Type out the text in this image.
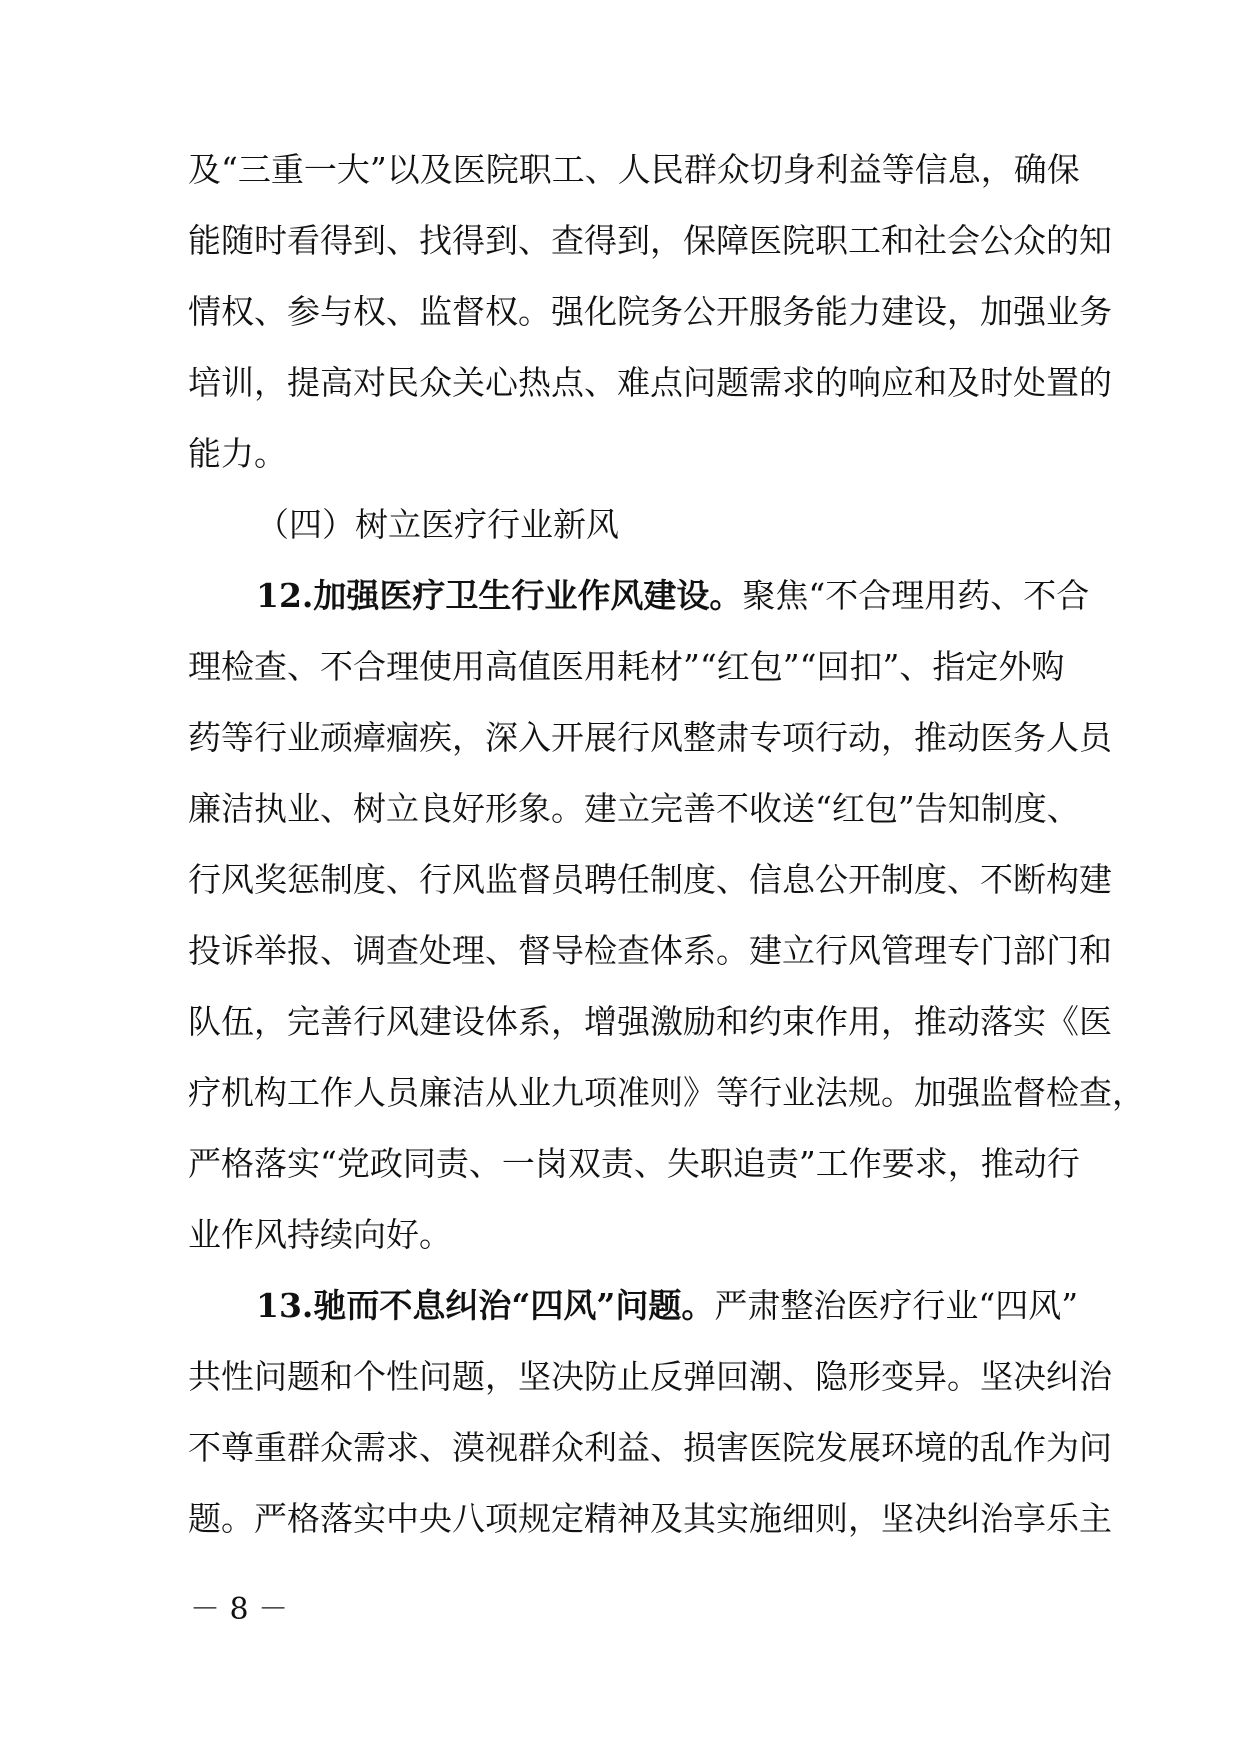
及“三重一大”以及医院职工、人民群众切身利益等信息，确保
能随时看得到、找得到、查得到，保障医院职工和社会公众的知
情权、参与权、监督权。强化院务公开服务能力建设，加强业务
培训，提高对民众关心热点、难点问题需求的响应和及时处置的
能力。
（四）树立医疗行业新风
12.加强医疗卫生行业作风建设。聚焦“不合理用药、不合
理检查、不合理使用高值医用耗材”“红包”“回扣”、指定外购
药等行业顽瘴痼疾，深入开展行风整肃专项行动，推动医务人员
廉洁执业、树立良好形象。建立完善不收送“红包”告知制度、
行风奖惩制度、行风监督员聘任制度、信息公开制度、不断构建
投诉举报、调查处理、督导检查体系。建立行风管理专门部门和
队伍，完善行风建设体系，增强激励和约束作用，推动落实《医
疗机构工作人员廉洁从业九项准则》等行业法规。加强监督检查，
严格落实“党政同责、一岗双责、失职追责”工作要求，推动行
业作风持续向好。
13.驰而不息纠治“四风”问题。严肃整治医疗行业“四风”
共性问题和个性问题，坚决防止反弹回潮、隐形变异。坚决纠治
不尊重群众需求、漠视群众利益、损害医院发展环境的乱作为问
题。严格落实中央八项规定精神及其实施细则，坚决纠治享乐主
－ 8 －
